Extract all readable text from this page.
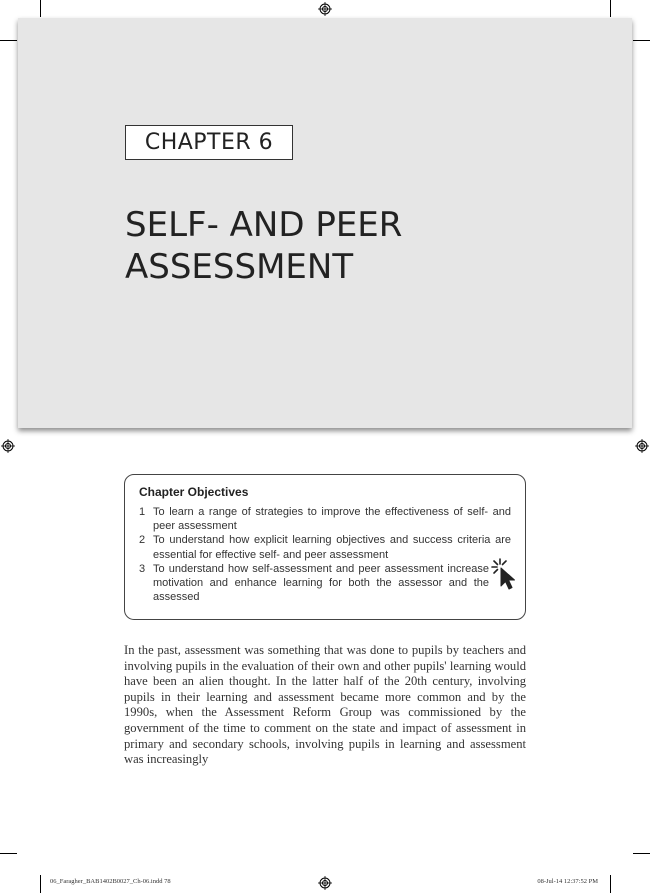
CHAPTER 6
SELF- AND PEER
ASSESSMENT
Chapter Objectives
1 To learn a range of strategies to improve the effectiveness of self- and peer assessment
2 To understand how explicit learning objectives and success criteria are essential for effective self- and peer assessment
3 To understand how self-assessment and peer assessment increase motivation and enhance learning for both the assessor and the assessed

In the past, assessment was something that was done to pupils by teachers and involving pupils in the evaluation of their own and other pupils' learning would have been an alien thought. In the latter half of the 20th century, involving pupils in their learning and assessment became more common and by the 1990s, when the Assessment Reform Group was commissioned by the government of the time to comment on the state and impact of assessment in primary and secondary schools, involving pupils in learning and assessment was increasingly

06_Faragher_BAB1402B0027_Ch-06.indd 78	08-Jul-14 12:37:52 PM
